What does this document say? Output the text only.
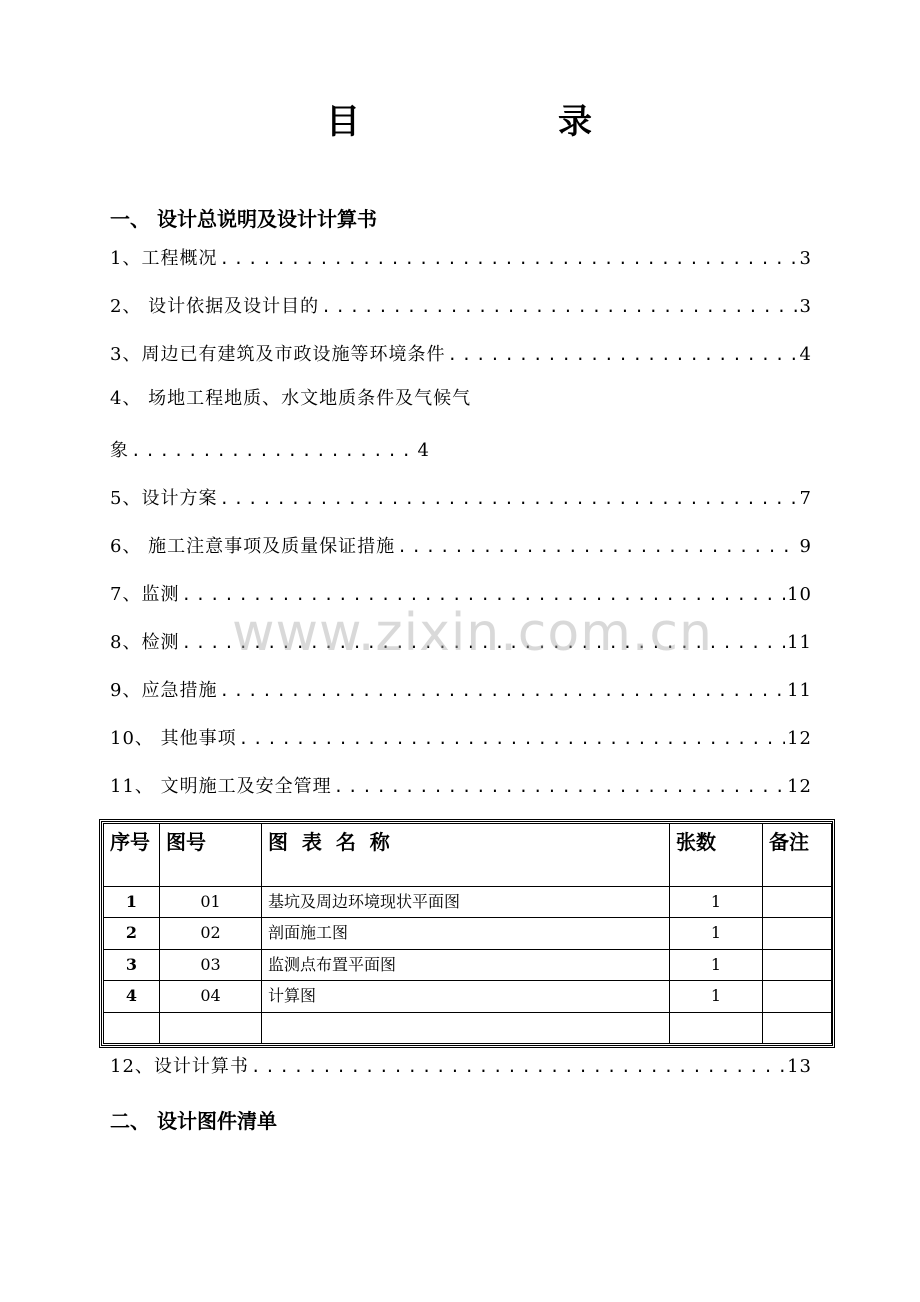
目	录
一、 设计总说明及设计计算书
1、工程概况 .....	3
2、 设计依据及设计目的 .....	3
3、周边已有建筑及市政设施等环境条件 .....	4
4、 场地工程地质、水文地质条件及气候气
象 .....	4
5、设计方案 .....	7
6、 施工注意事项及质量保证措施 .....	9
7、监测 .....	10
8、检测 .....	11
9、应急措施 .....	11
10、 其他事项 .....	12
11、 文明施工及安全管理 .....	12
序号	图号	图  表  名  称	张数	备注
1	01	基坑及周边环境现状平面图	1	
2	02	剖面施工图	1	
3	03	监测点布置平面图	1	
4	04	计算图	1	

12、设计计算书 .....	13
二、 设计图件清单
www.zixin.com.cn
